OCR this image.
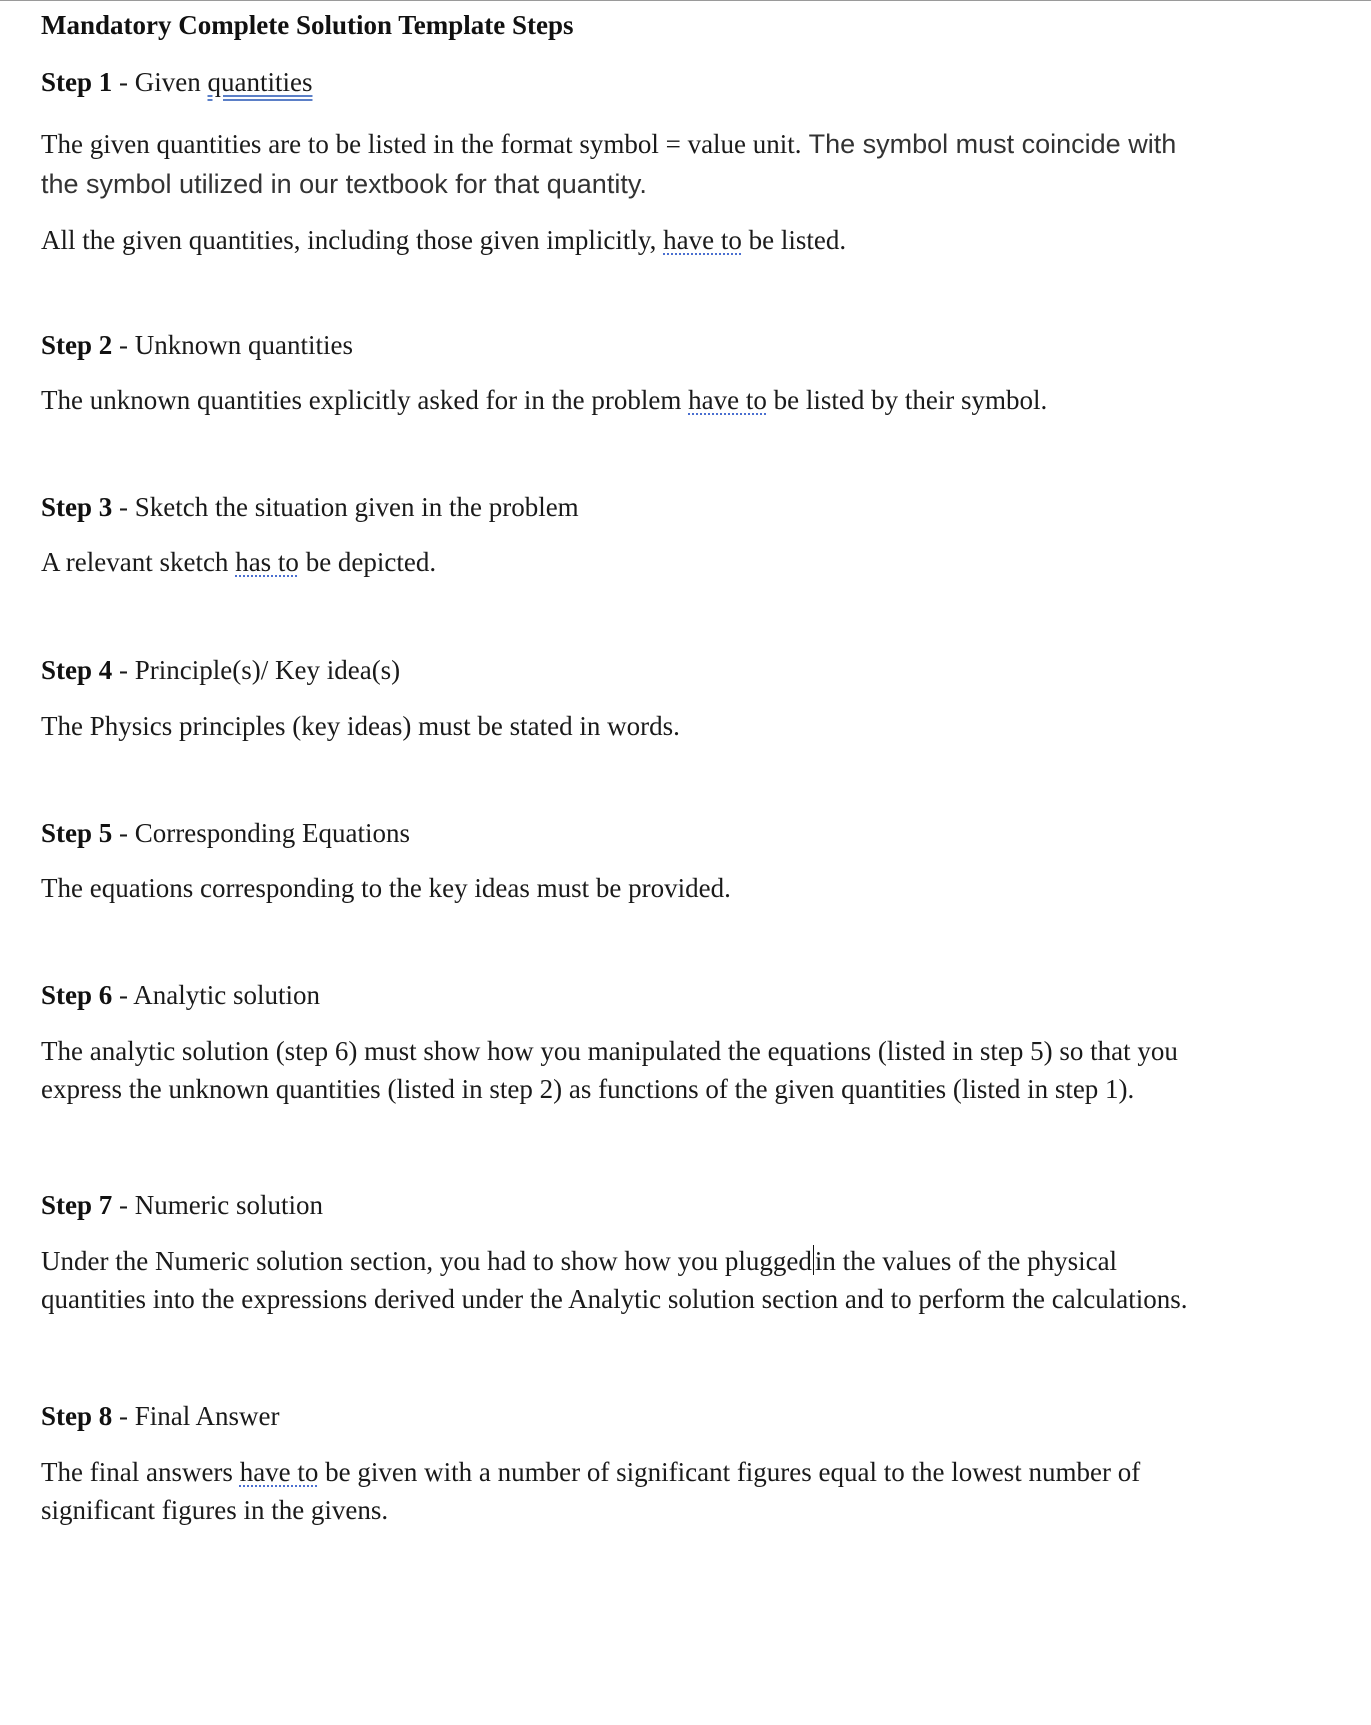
Mandatory Complete Solution Template Steps
Step 1 - Given quantities
The given quantities are to be listed in the format symbol = value unit. The symbol must coincide with
the symbol utilized in our textbook for that quantity.
All the given quantities, including those given implicitly, have to be listed.
Step 2 - Unknown quantities
The unknown quantities explicitly asked for in the problem have to be listed by their symbol.
Step 3 - Sketch the situation given in the problem
A relevant sketch has to be depicted.
Step 4 - Principle(s)/ Key idea(s)
The Physics principles (key ideas) must be stated in words.
Step 5 - Corresponding Equations
The equations corresponding to the key ideas must be provided.
Step 6 - Analytic solution
The analytic solution (step 6) must show how you manipulated the equations (listed in step 5) so that you
express the unknown quantities (listed in step 2) as functions of the given quantities (listed in step 1).
Step 7 - Numeric solution
Under the Numeric solution section, you had to show how you plugged in the values of the physical
quantities into the expressions derived under the Analytic solution section and to perform the calculations.
Step 8 - Final Answer
The final answers have to be given with a number of significant figures equal to the lowest number of
significant figures in the givens.
